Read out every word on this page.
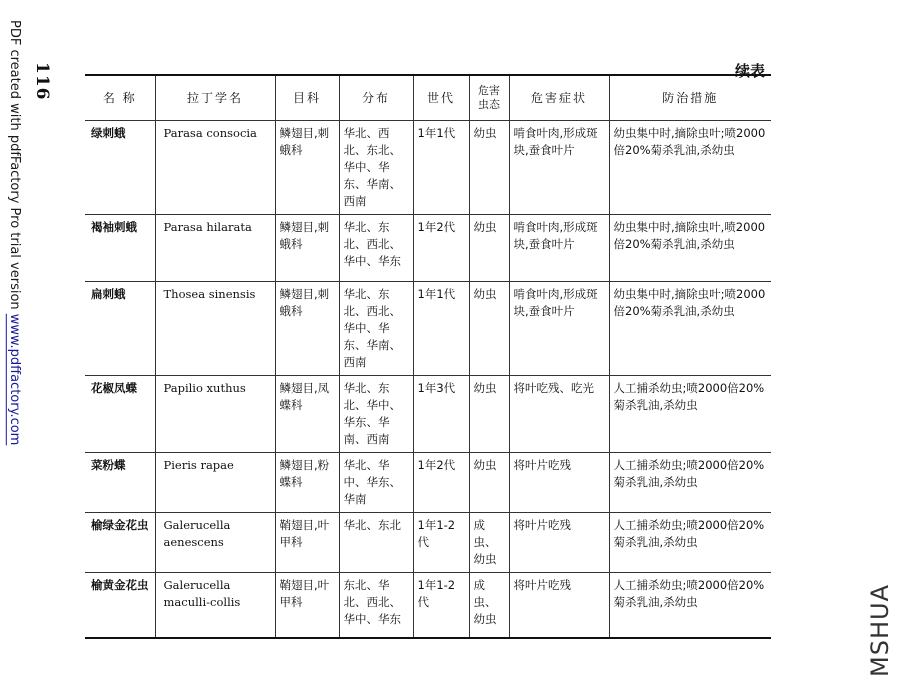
PDF created with pdfFactory Pro trial version www.pdffactory.com
116	续表
名 称	拉丁学名	目科	分布	世代	危害虫态	危害症状	防治措施
绿刺蛾	Parasa consocia	鳞翅目,刺蛾科	华北、西北、东北、华中、华东、华南、西南	1年1代	幼虫	啃食叶肉,形成斑块,蚕食叶片	幼虫集中时,摘除虫叶;喷2000倍20%菊杀乳油,杀幼虫
褐袖刺蛾	Parasa hilarata	鳞翅目,刺蛾科	华北、东北、西北、华中、华东	1年2代	幼虫	啃食叶肉,形成斑块,蚕食叶片	幼虫集中时,摘除虫叶,喷2000倍20%菊杀乳油,杀幼虫
扁刺蛾	Thosea sinensis	鳞翅目,刺蛾科	华北、东北、西北、华中、华东、华南、西南	1年1代	幼虫	啃食叶肉,形成斑块,蚕食叶片	幼虫集中时,摘除虫叶;喷2000倍20%菊杀乳油,杀幼虫
花椒凤蝶	Papilio xuthus	鳞翅目,凤蝶科	华北、东北、华中、华东、华南、西南	1年3代	幼虫	将叶吃残、吃光	人工捕杀幼虫;喷2000倍20%菊杀乳油,杀幼虫
菜粉蝶	Pieris rapae	鳞翅目,粉蝶科	华北、华中、华东、华南	1年2代	幼虫	将叶片吃残	人工捕杀幼虫;喷2000倍20%菊杀乳油,杀幼虫
榆绿金花虫	Galerucella aenescens	鞘翅目,叶甲科	华北、东北	1年1-2代	成虫、幼虫	将叶片吃残	人工捕杀幼虫;喷2000倍20%菊杀乳油,杀幼虫
榆黄金花虫	Galerucella maculli-collis	鞘翅目,叶甲科	东北、华北、西北、华中、华东	1年1-2代	成虫、幼虫	将叶片吃残	人工捕杀幼虫;喷2000倍20%菊杀乳油,杀幼虫	MSHUA
